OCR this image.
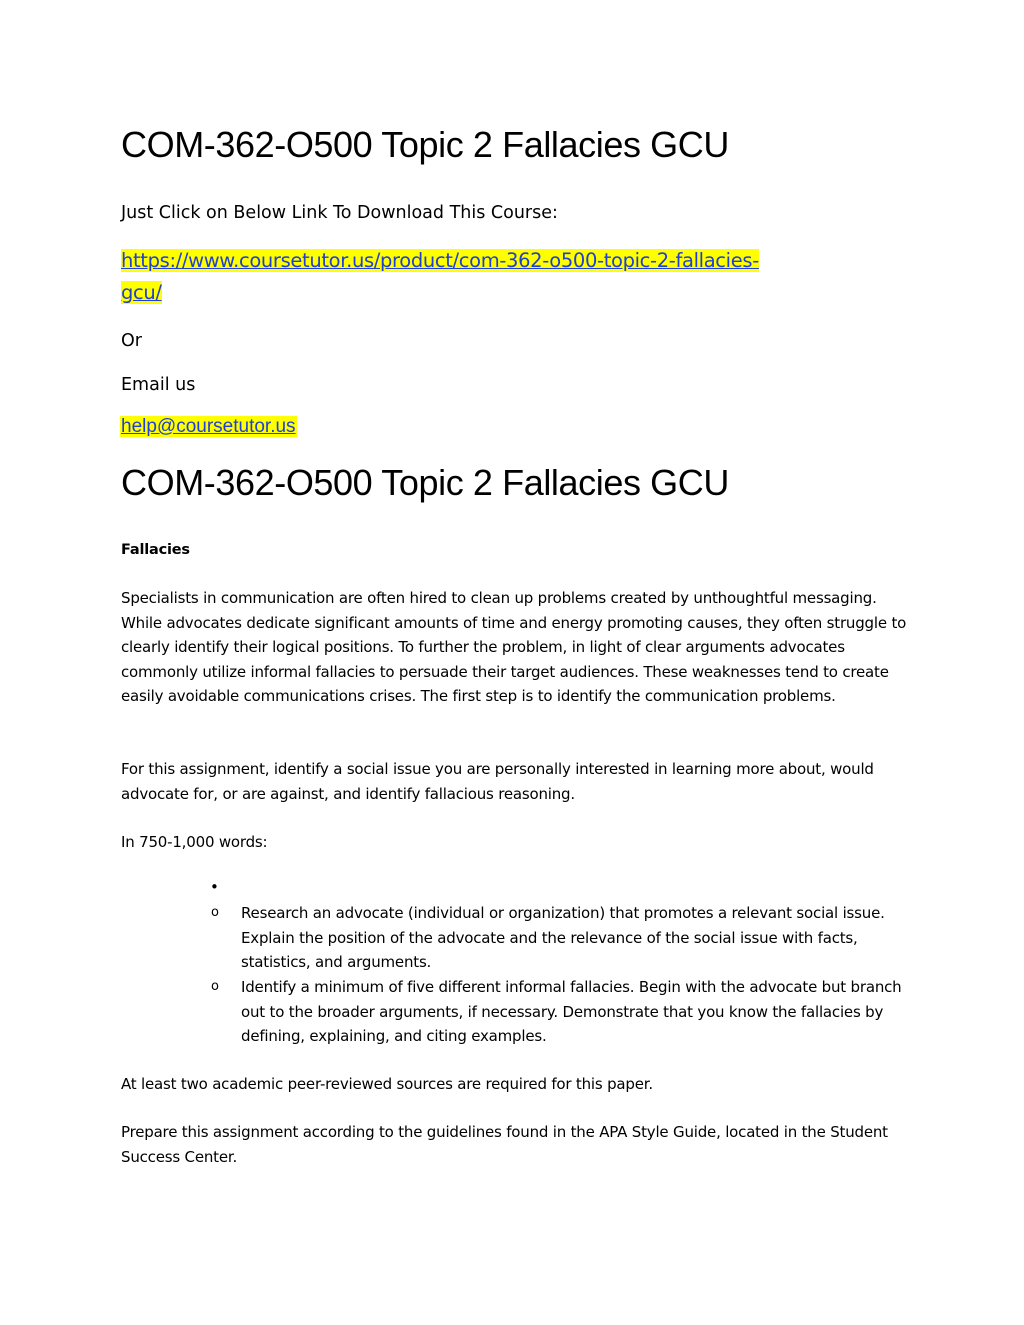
COM-362-O500 Topic 2 Fallacies GCU
Just Click on Below Link To Download This Course:
https://www.coursetutor.us/product/com-362-o500-topic-2-fallacies-
gcu/
Or
Email us
help@coursetutor.us
COM-362-O500 Topic 2 Fallacies GCU
Fallacies
Specialists in communication are often hired to clean up problems created by unthoughtful messaging. While advocates dedicate significant amounts of time and energy promoting causes, they often struggle to clearly identify their logical positions. To further the problem, in light of clear arguments advocates commonly utilize informal fallacies to persuade their target audiences. These weaknesses tend to create easily avoidable communications crises. The first step is to identify the communication problems.
For this assignment, identify a social issue you are personally interested in learning more about, would advocate for, or are against, and identify fallacious reasoning.
In 750-1,000 words:
•
o Research an advocate (individual or organization) that promotes a relevant social issue. Explain the position of the advocate and the relevance of the social issue with facts, statistics, and arguments.
o Identify a minimum of five different informal fallacies. Begin with the advocate but branch out to the broader arguments, if necessary. Demonstrate that you know the fallacies by defining, explaining, and citing examples.
At least two academic peer-reviewed sources are required for this paper.
Prepare this assignment according to the guidelines found in the APA Style Guide, located in the Student Success Center.
